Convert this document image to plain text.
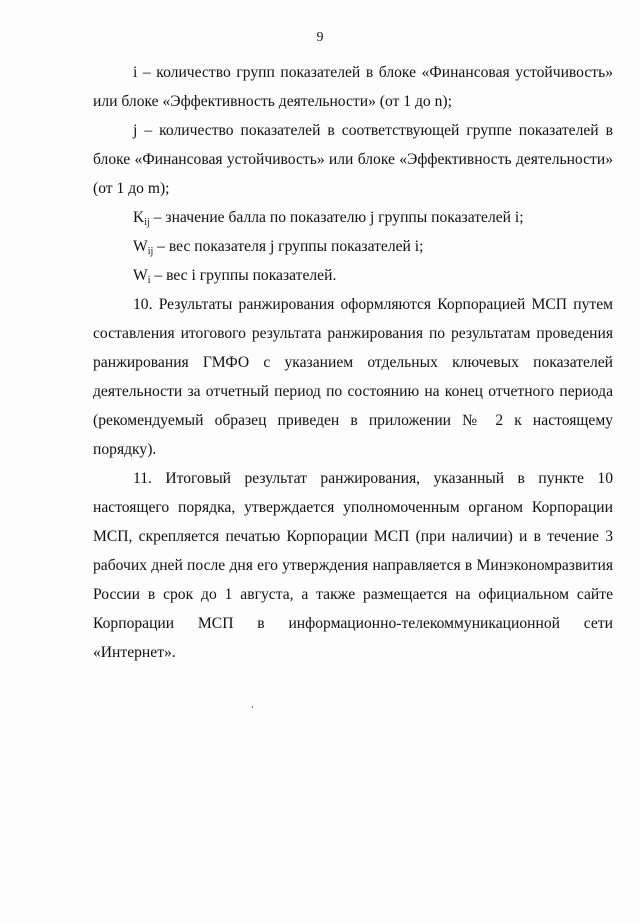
9

i – количество групп показателей в блоке «Финансовая устойчивость» или блоке «Эффективность деятельности» (от 1 до n);

j – количество показателей в соответствующей группе показателей в блоке «Финансовая устойчивость» или блоке «Эффективность деятельности» (от 1 до m);

$K_{ij}$ – значение балла по показателю j группы показателей i;

$W_{ij}$ – вес показателя j группы показателей i;

$W_i$ – вес i группы показателей.

10. Результаты ранжирования оформляются Корпорацией МСП путем составления итогового результата ранжирования по результатам проведения ранжирования ГМФО с указанием отдельных ключевых показателей деятельности за отчетный период по состоянию на конец отчетного периода (рекомендуемый образец приведен в приложении № 2 к настоящему порядку).

11. Итоговый результат ранжирования, указанный в пункте 10 настоящего порядка, утверждается уполномоченным органом Корпорации МСП, скрепляется печатью Корпорации МСП (при наличии) и в течение 3 рабочих дней после дня его утверждения направляется в Минэкономразвития России в срок до 1 августа, а также размещается на официальном сайте Корпорации МСП в информационно-телекоммуникационной сети «Интернет».
